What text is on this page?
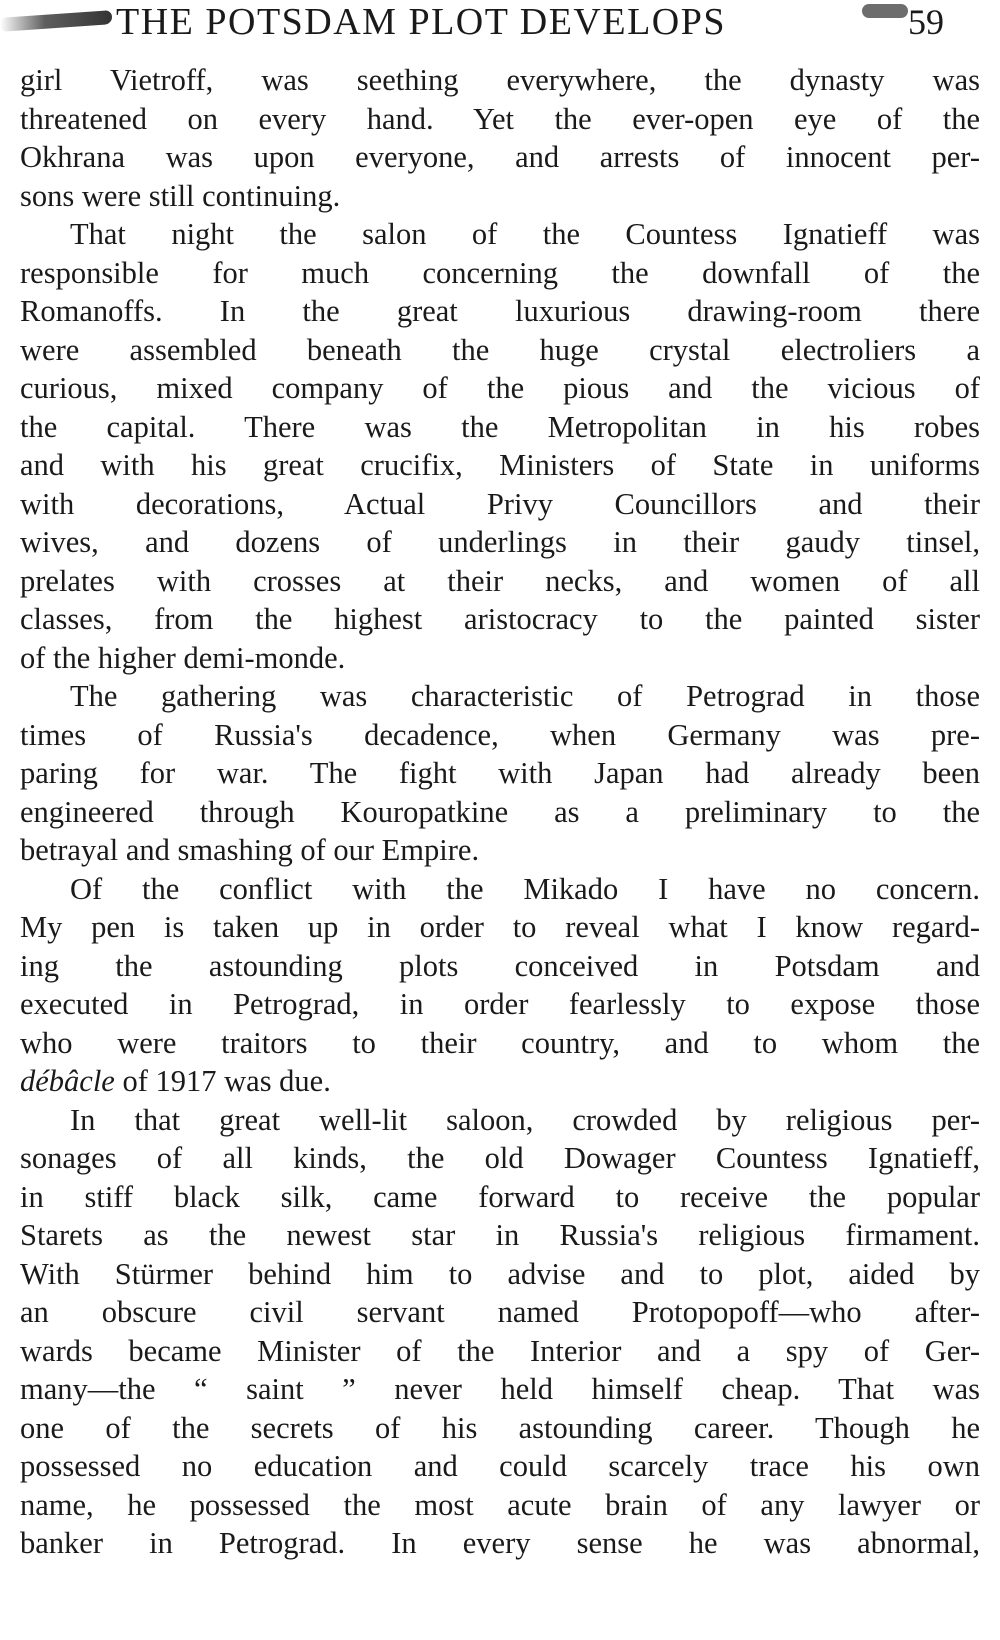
THE POTSDAM PLOT DEVELOPS	59
girl Vietroff, was seething everywhere, the dynasty was
threatened on every hand. Yet the ever-open eye of the
Okhrana was upon everyone, and arrests of innocent per-
sons were still continuing.
That night the salon of the Countess Ignatieff was
responsible for much concerning the downfall of the
Romanoffs. In the great luxurious drawing-room there
were assembled beneath the huge crystal electroliers a
curious, mixed company of the pious and the vicious of
the capital. There was the Metropolitan in his robes
and with his great crucifix, Ministers of State in uniforms
with decorations, Actual Privy Councillors and their
wives, and dozens of underlings in their gaudy tinsel,
prelates with crosses at their necks, and women of all
classes, from the highest aristocracy to the painted sister
of the higher demi-monde.
The gathering was characteristic of Petrograd in those
times of Russia's decadence, when Germany was pre-
paring for war. The fight with Japan had already been
engineered through Kouropatkine as a preliminary to the
betrayal and smashing of our Empire.
Of the conflict with the Mikado I have no concern.
My pen is taken up in order to reveal what I know regard-
ing the astounding plots conceived in Potsdam and
executed in Petrograd, in order fearlessly to expose those
who were traitors to their country, and to whom the
débâcle of 1917 was due.
In that great well-lit saloon, crowded by religious per-
sonages of all kinds, the old Dowager Countess Ignatieff,
in stiff black silk, came forward to receive the popular
Starets as the newest star in Russia's religious firmament.
With Stürmer behind him to advise and to plot, aided by
an obscure civil servant named Protopopoff—who after-
wards became Minister of the Interior and a spy of Ger-
many—the “ saint ” never held himself cheap. That was
one of the secrets of his astounding career. Though he
possessed no education and could scarcely trace his own
name, he possessed the most acute brain of any lawyer or
banker in Petrograd. In every sense he was abnormal,
